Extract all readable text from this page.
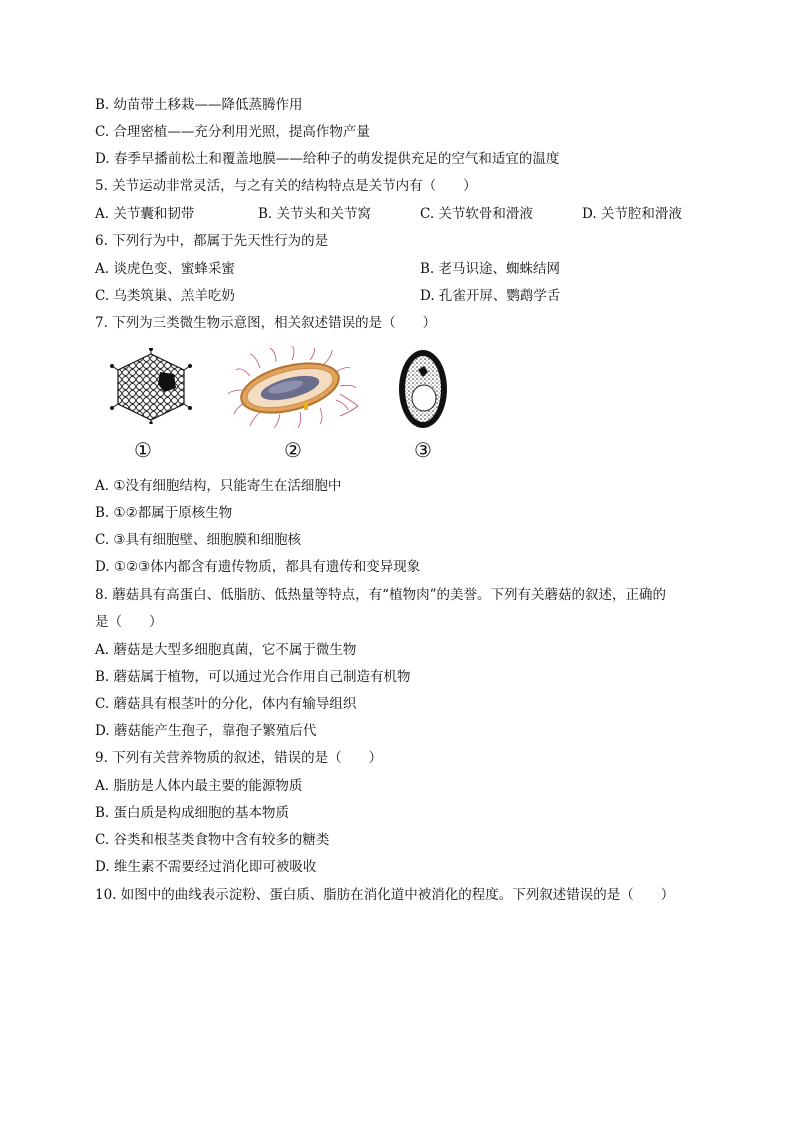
B. 幼苗带土移栽——降低蒸腾作用
C. 合理密植——充分利用光照，提高作物产量
D. 春季早播前松土和覆盖地膜——给种子的萌发提供充足的空气和适宜的温度
5. 关节运动非常灵活，与之有关的结构特点是关节内有（　　）
A. 关节囊和韧带	B. 关节头和关节窝	C. 关节软骨和滑液	D. 关节腔和滑液
6. 下列行为中，都属于先天性行为的是
A. 谈虎色变、蜜蜂采蜜	B. 老马识途、蜘蛛结网
C. 乌类筑巢、羔羊吃奶	D. 孔雀开屏、鹦鹉学舌
7. 下列为三类微生物示意图，相关叙述错误的是（　　）
①	②	③
A. ①没有细胞结构，只能寄生在活细胞中
B. ①②都属于原核生物
C. ③具有细胞壁、细胞膜和细胞核
D. ①②③体内都含有遗传物质，都具有遗传和变异现象
8. 蘑菇具有高蛋白、低脂肪、低热量等特点，有“植物肉”的美誉。下列有关蘑菇的叙述，正确的
是（　　）
A. 蘑菇是大型多细胞真菌，它不属于微生物
B. 蘑菇属于植物，可以通过光合作用自己制造有机物
C. 蘑菇具有根茎叶的分化，体内有输导组织
D. 蘑菇能产生孢子，靠孢子繁殖后代
9. 下列有关营养物质的叙述，错误的是（　　）
A. 脂肪是人体内最主要的能源物质
B. 蛋白质是构成细胞的基本物质
C. 谷类和根茎类食物中含有较多的糖类
D. 维生素不需要经过消化即可被吸收
10. 如图中的曲线表示淀粉、蛋白质、脂肪在消化道中被消化的程度。下列叙述错误的是（　　）
